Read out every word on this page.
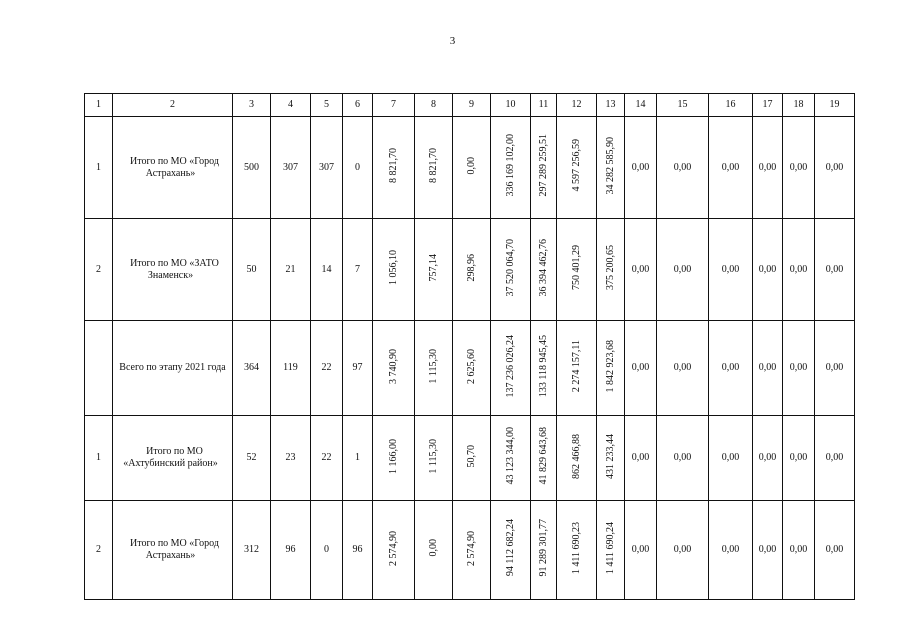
3
1	2	3	4	5	6	7	8	9	10	11	12	13	14	15	16	17	18	19
1	Итого по МО «Город Астрахань»	500	307	307	0	8 821,70	8 821,70	0,00	336 169 102,00	297 289 259,51	4 597 256,59	34 282 585,90	0,00	0,00	0,00	0,00	0,00	0,00
2	Итого по МО «ЗАТО Знаменск»	50	21	14	7	1 056,10	757,14	298,96	37 520 064,70	36 394 462,76	750 401,29	375 200,65	0,00	0,00	0,00	0,00	0,00	0,00
	Всего по этапу 2021 года	364	119	22	97	3 740,90	1 115,30	2 625,60	137 236 026,24	133 118 945,45	2 274 157,11	1 842 923,68	0,00	0,00	0,00	0,00	0,00	0,00
1	Итого по МО «Ахтубинский район»	52	23	22	1	1 166,00	1 115,30	50,70	43 123 344,00	41 829 643,68	862 466,88	431 233,44	0,00	0,00	0,00	0,00	0,00	0,00
2	Итого по МО «Город Астрахань»	312	96	0	96	2 574,90	0,00	2 574,90	94 112 682,24	91 289 301,77	1 411 690,23	1 411 690,24	0,00	0,00	0,00	0,00	0,00	0,00
